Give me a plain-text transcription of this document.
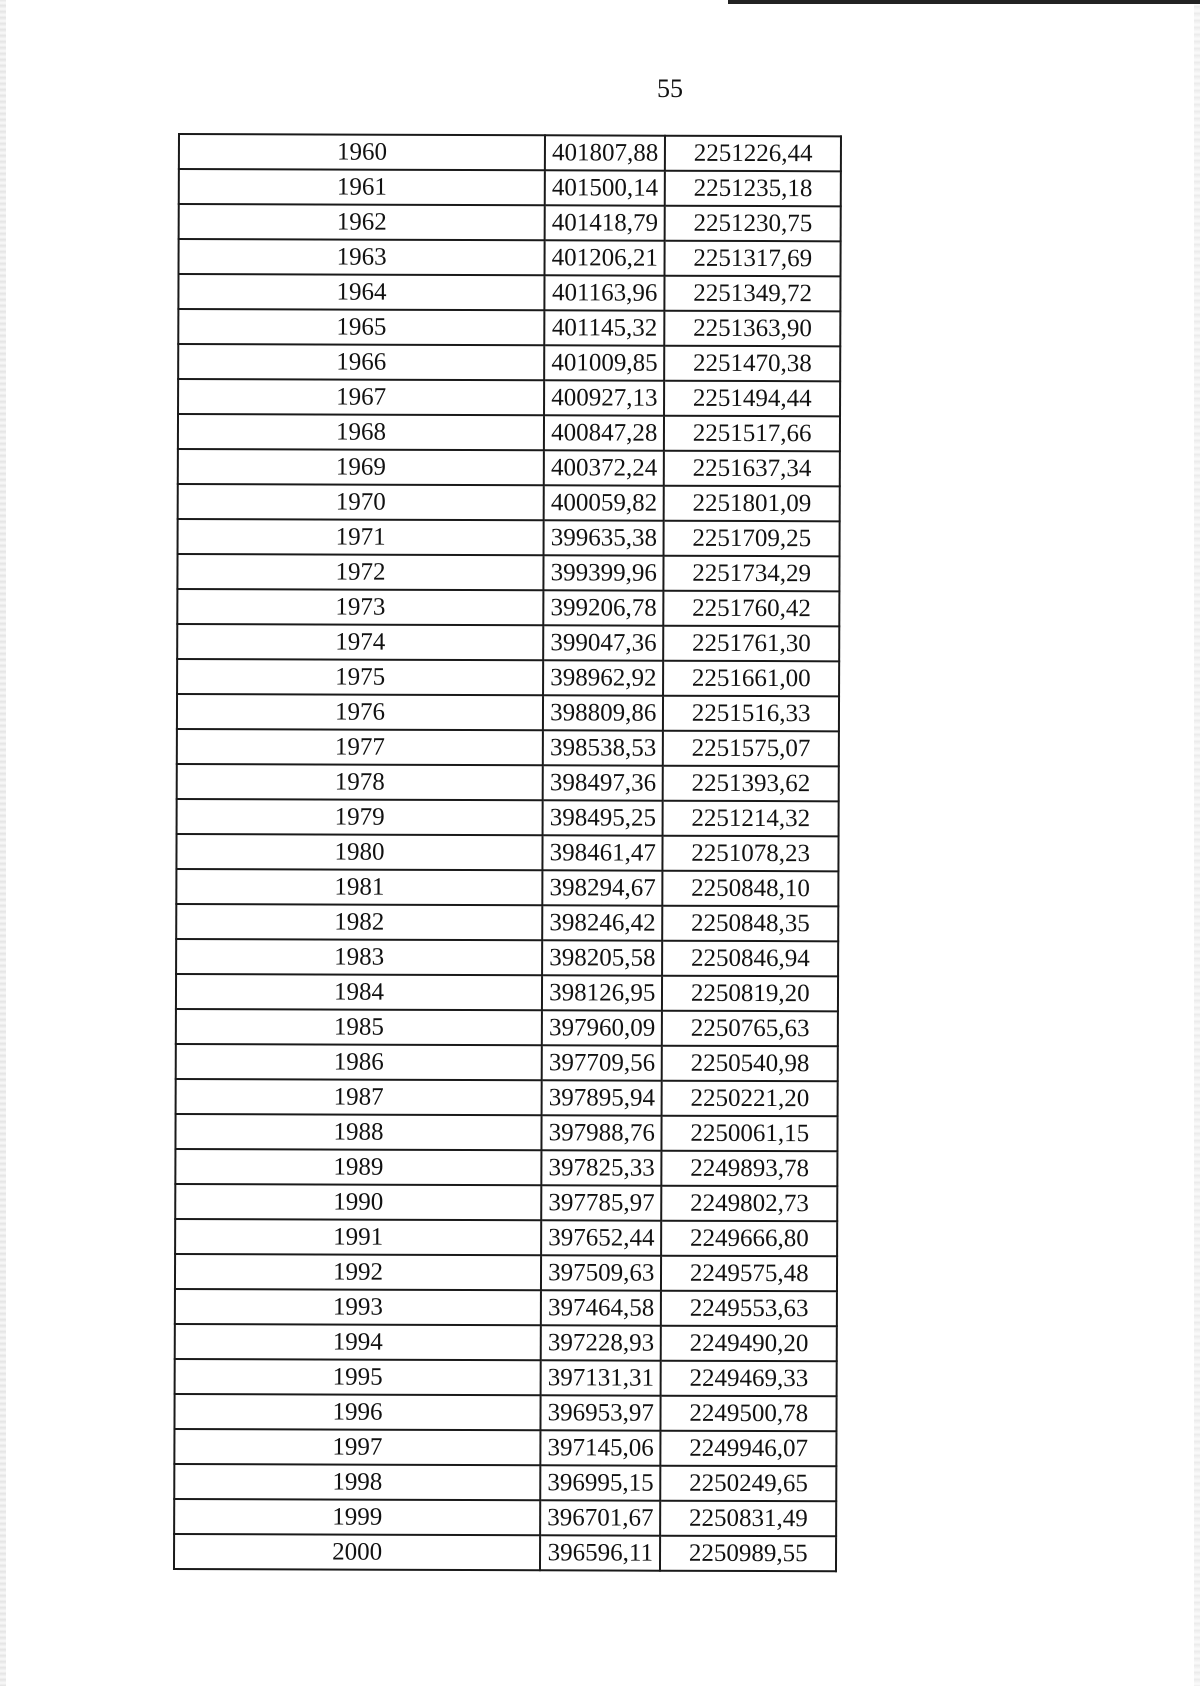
55
1960	401807,88	2251226,44
1961	401500,14	2251235,18
1962	401418,79	2251230,75
1963	401206,21	2251317,69
1964	401163,96	2251349,72
1965	401145,32	2251363,90
1966	401009,85	2251470,38
1967	400927,13	2251494,44
1968	400847,28	2251517,66
1969	400372,24	2251637,34
1970	400059,82	2251801,09
1971	399635,38	2251709,25
1972	399399,96	2251734,29
1973	399206,78	2251760,42
1974	399047,36	2251761,30
1975	398962,92	2251661,00
1976	398809,86	2251516,33
1977	398538,53	2251575,07
1978	398497,36	2251393,62
1979	398495,25	2251214,32
1980	398461,47	2251078,23
1981	398294,67	2250848,10
1982	398246,42	2250848,35
1983	398205,58	2250846,94
1984	398126,95	2250819,20
1985	397960,09	2250765,63
1986	397709,56	2250540,98
1987	397895,94	2250221,20
1988	397988,76	2250061,15
1989	397825,33	2249893,78
1990	397785,97	2249802,73
1991	397652,44	2249666,80
1992	397509,63	2249575,48
1993	397464,58	2249553,63
1994	397228,93	2249490,20
1995	397131,31	2249469,33
1996	396953,97	2249500,78
1997	397145,06	2249946,07
1998	396995,15	2250249,65
1999	396701,67	2250831,49
2000	396596,11	2250989,55
